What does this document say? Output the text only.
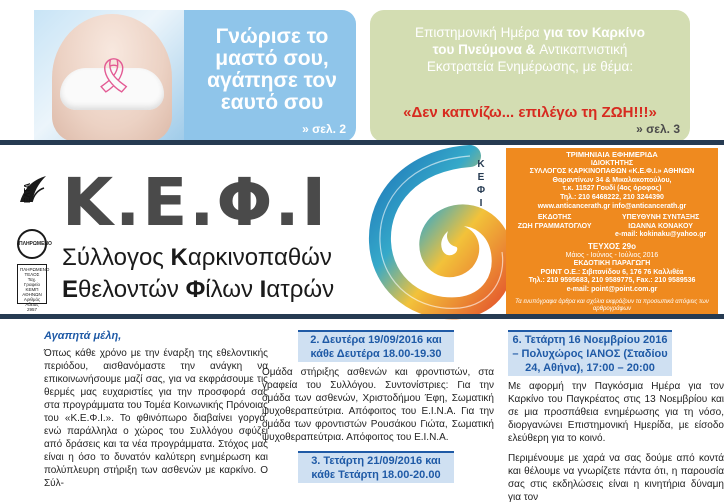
🎗
Γνώρισε το
μαστό σου,
αγάπησε τον
εαυτό σου
» σελ. 2
Επιστημονική Ημέρα για τον Καρκίνο
του Πνεύμονα & Αντικαπνιστική
Εκστρατεία Ενημέρωσης, με θέμα:
«Δεν καπνίζω... επιλέγω τη ΖΩΗ!!!»
» σελ. 3
ΕΛΤΑ
ΠΛΗΡΩΜΕΝΟ
ΠΛΗΡΩΜΕΝΟ ΤΕΛΟΣ Ταχ. Γραφείο ΚΕΜΠ ΑΘΗΝΩΝ Αριθμός Άδειας 2957
Κ.Ε.Φ.Ι
Σύλλογος Καρκινοπαθών
Εθελοντών Φίλων Ιατρών
Κ
Ε
Φ
Ι

ΤΡΙΜΗΝΙΑΙΑ ΕΦΗΜΕΡΙΔΑ

ΙΔΙΟΚΤΗΤΗΣ

ΣΥΛΛΟΓΟΣ ΚΑΡΚΙΝΟΠΑΘΩΝ «Κ.Ε.Φ.Ι.» ΑΘΗΝΩΝ

Θαραντίνων 34 & Μικαλακοπούλου,

τ.κ. 11527 Γουδί (4ος όροφος)

Τηλ.: 210 6468222, 210 3244390

www.anticancerath.gr info@anticancerath.gr

ΕΚΔΟΤΗΣ
ΖΩΗ ΓΡΑΜΜΑΤΟΓΛΟΥ
ΥΠΕΥΘΥΝΗ ΣΥΝΤΑΞΗΣ
ΙΩΑΝΝΑ ΚΟΝΑΚΟΥ
e-mail: kokinaku@yahoo.gr

ΤΕΥΧΟΣ 29ο

Μάιος - Ιούνιος - Ιούλιος 2016

ΕΚΔΟΤΙΚΗ ΠΑΡΑΓΩΓΗ

POINT Ο.Ε.: Σιβιτανίδου 6, 176 76 Καλλιθέα

Τηλ.: 210 9595683, 210 9589775, Fax.: 210 9589536

e-mail: point@point.com.gr

Τα ενυπόγραφα άρθρα και σχόλια εκφράζουν τα προσωπικά απόψεις των αρθρογράφων

Αγαπητά μέλη,

Όπως κάθε χρόνο με την έναρξη της εθελοντικής περιόδου, αισθανόμαστε την ανάγκη να επικοινωνήσουμε μαζί σας, για να εκφράσουμε τις θερμές μας ευχαριστίες για την προσφορά σας στα προγράμματα του Τομέα Κοινωνικής Πρόνοιας του «Κ.Ε.Φ.Ι.». Το φθινόπωρο διαβαίνει γοργά, ενώ παράλληλα ο χώρος του Συλλόγου σφύζει από δράσεις και τα νέα προγράμματα. Στόχος μας είναι η όσο το δυνατόν καλύτερη ενημέρωση και πολύπλευρη στήριξη των ασθενών με καρκίνο. Ο Σύλ-

2. Δευτέρα 19/09/2016 και κάθε Δευτέρα 18.00-19.30

Ομάδα στήριξης ασθενών και φροντιστών, στα γραφεία του Συλλόγου. Συντονίστριες: Για την ομάδα των ασθενών, Χριστοδήμου Έφη, Σωματική ψυχοθεραπεύτρια. Απόφοιτος του Ε.Ι.Ν.Α. Για την ομάδα των φροντιστών Ρουσάκου Γιώτα, Σωματική ψυχοθεραπεύτρια. Απόφοιτος του Ε.Ι.Ν.Α.

3. Τετάρτη 21/09/2016 και κάθε Τετάρτη 18.00-20.00
6. Τετάρτη 16 Νοεμβρίου 2016 – Πολυχώρος ΙΑΝΟΣ (Σταδίου 24, Αθήνα), 17:00 – 20:00

Με αφορμή την Παγκόσμια Ημέρα για τον Καρκίνο του Παγκρέατος στις 13 Νοεμβρίου και σε μια προσπάθεια ενημέρωσης για τη νόσο, διοργανώνει Επιστημονική Ημερίδα, με είσοδο ελεύθερη για το κοινό.

Περιμένουμε με χαρά να σας δούμε από κοντά και θέλουμε να γνωρίζετε πάντα ότι, η παρουσία σας στις εκδηλώσεις είναι η κινητήρια δύναμη για τον
